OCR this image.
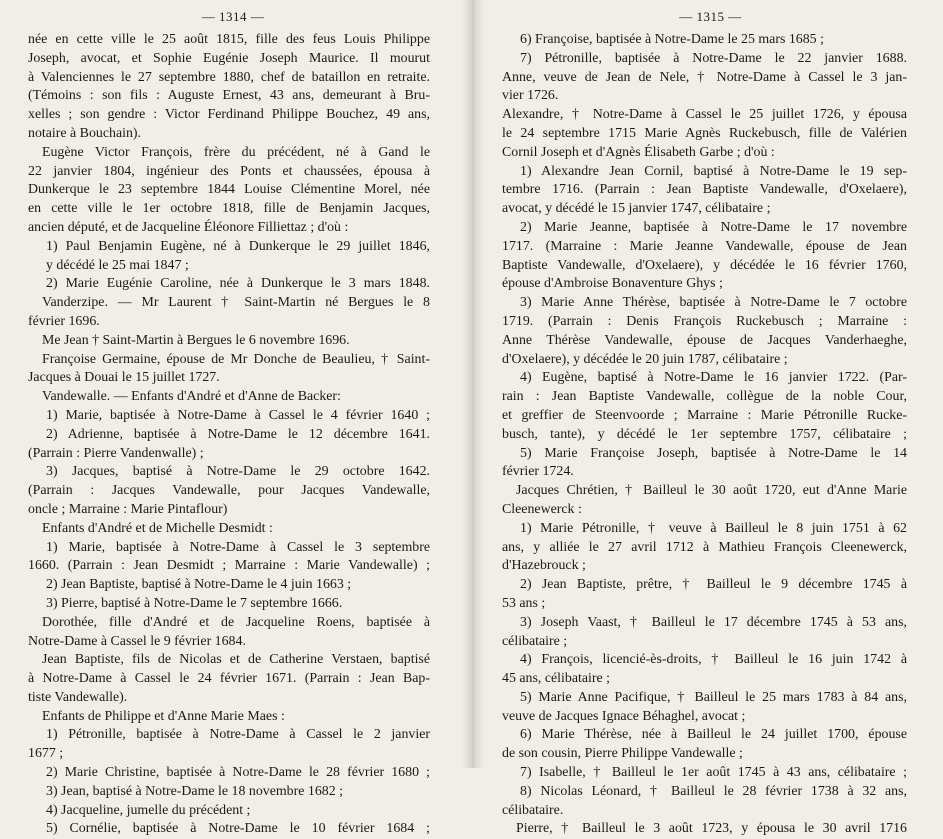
— 1314 —
née en cette ville le 25 août 1815, fille des feus Louis Philippe
Joseph, avocat, et Sophie Eugénie Joseph Maurice. Il mourut
à Valenciennes le 27 septembre 1880, chef de bataillon en retraite.
(Témoins : son fils : Auguste Ernest, 43 ans, demeurant à Bru-
xelles ; son gendre : Victor Ferdinand Philippe Bouchez, 49 ans,
notaire à Bouchain).
Eugène Victor François, frère du précédent, né à Gand le
22 janvier 1804, ingénieur des Ponts et chaussées, épousa à
Dunkerque le 23 septembre 1844 Louise Clémentine Morel, née
en cette ville le 1er octobre 1818, fille de Benjamin Jacques,
ancien député, et de Jacqueline Éléonore Filliettaz ; d'où :
1) Paul Benjamin Eugène, né à Dunkerque le 29 juillet 1846,
y décédé le 25 mai 1847 ;
2) Marie Eugénie Caroline, née à Dunkerque le 3 mars 1848.
Vanderzipe. — Mr Laurent † Saint-Martin né Bergues le 8
février 1696.
Me Jean † Saint-Martin à Bergues le 6 novembre 1696.
Françoise Germaine, épouse de Mr Donche de Beaulieu, † Saint-
Jacques à Douai le 15 juillet 1727.
Vandewalle. — Enfants d'André et d'Anne de Backer:
1) Marie, baptisée à Notre-Dame à Cassel le 4 février 1640 ;
2) Adrienne, baptisée à Notre-Dame le 12 décembre 1641.
(Parrain : Pierre Vandenwalle) ;
3) Jacques, baptisé à Notre-Dame le 29 octobre 1642.
(Parrain : Jacques Vandewalle, pour Jacques Vandewalle,
oncle ; Marraine : Marie Pintaflour)
Enfants d'André et de Michelle Desmidt :
1) Marie, baptisée à Notre-Dame à Cassel le 3 septembre
1660. (Parrain : Jean Desmidt ; Marraine : Marie Vandewalle) ;
2) Jean Baptiste, baptisé à Notre-Dame le 4 juin 1663 ;
3) Pierre, baptisé à Notre-Dame le 7 septembre 1666.
Dorothée, fille d'André et de Jacqueline Roens, baptisée à
Notre-Dame à Cassel le 9 février 1684.
Jean Baptiste, fils de Nicolas et de Catherine Verstaen, baptisé
à Notre-Dame à Cassel le 24 février 1671. (Parrain : Jean Bap-
tiste Vandewalle).
Enfants de Philippe et d'Anne Marie Maes :
1) Pétronille, baptisée à Notre-Dame à Cassel le 2 janvier
1677 ;
2) Marie Christine, baptisée à Notre-Dame le 28 février 1680 ;
3) Jean, baptisé à Notre-Dame le 18 novembre 1682 ;
4) Jacqueline, jumelle du précédent ;
5) Cornélie, baptisée à Notre-Dame le 10 février 1684 ;
— 1315 —
6) Françoise, baptisée à Notre-Dame le 25 mars 1685 ;
7) Pétronille, baptisée à Notre-Dame le 22 janvier 1688.
Anne, veuve de Jean de Nele, † Notre-Dame à Cassel le 3 jan-
vier 1726.
Alexandre, † Notre-Dame à Cassel le 25 juillet 1726, y épousa
le 24 septembre 1715 Marie Agnès Ruckebusch, fille de Valérien
Cornil Joseph et d'Agnès Élisabeth Garbe ; d'où :
1) Alexandre Jean Cornil, baptisé à Notre-Dame le 19 sep-
tembre 1716. (Parrain : Jean Baptiste Vandewalle, d'Oxelaere),
avocat, y décédé le 15 janvier 1747, célibataire ;
2) Marie Jeanne, baptisée à Notre-Dame le 17 novembre
1717. (Marraine : Marie Jeanne Vandewalle, épouse de Jean
Baptiste Vandewalle, d'Oxelaere), y décédée le 16 février 1760,
épouse d'Ambroise Bonaventure Ghys ;
3) Marie Anne Thérèse, baptisée à Notre-Dame le 7 octobre
1719. (Parrain : Denis François Ruckebusch ; Marraine :
Anne Thérèse Vandewalle, épouse de Jacques Vanderhaeghe,
d'Oxelaere), y décédée le 20 juin 1787, célibataire ;
4) Eugène, baptisé à Notre-Dame le 16 janvier 1722. (Par-
rain : Jean Baptiste Vandewalle, collègue de la noble Cour,
et greffier de Steenvoorde ; Marraine : Marie Pétronille Rucke-
busch, tante), y décédé le 1er septembre 1757, célibataire ;
5) Marie Françoise Joseph, baptisée à Notre-Dame le 14
février 1724.
Jacques Chrétien, † Bailleul le 30 août 1720, eut d'Anne Marie
Cleenewerck :
1) Marie Pétronille, † veuve à Bailleul le 8 juin 1751 à 62
ans, y alliée le 27 avril 1712 à Mathieu François Cleenewerck,
d'Hazebrouck ;
2) Jean Baptiste, prêtre, † Bailleul le 9 décembre 1745 à
53 ans ;
3) Joseph Vaast, † Bailleul le 17 décembre 1745 à 53 ans,
célibataire ;
4) François, licencié-ès-droits, † Bailleul le 16 juin 1742 à
45 ans, célibataire ;
5) Marie Anne Pacifique, † Bailleul le 25 mars 1783 à 84 ans,
veuve de Jacques Ignace Béhaghel, avocat ;
6) Marie Thérèse, née à Bailleul le 24 juillet 1700, épouse
de son cousin, Pierre Philippe Vandewalle ;
7) Isabelle, † Bailleul le 1er août 1745 à 43 ans, célibataire ;
8) Nicolas Léonard, † Bailleul le 28 février 1738 à 32 ans,
célibataire.
Pierre, † Bailleul le 3 août 1723, y épousa le 30 avril 1716
